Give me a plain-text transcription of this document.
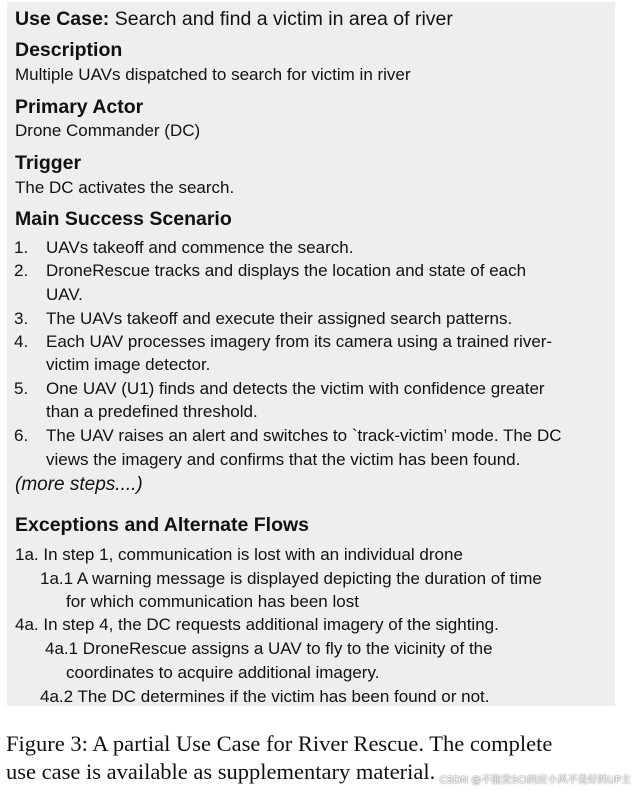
Use Case: Search and find a victim in area of river
Description
Multiple UAVs dispatched to search for victim in river
Primary Actor
Drone Commander (DC)
Trigger
The DC activates the search.
Main Success Scenario
1. UAVs takeoff and commence the search.
2. DroneRescue tracks and displays the location and state of each
UAV.
3. The UAVs takeoff and execute their assigned search patterns.
4. Each UAV processes imagery from its camera using a trained river-
victim image detector.
5. One UAV (U1) finds and detects the victim with confidence greater
than a predefined threshold.
6. The UAV raises an alert and switches to `track-victim’ mode. The DC
views the imagery and confirms that the victim has been found.
(more steps....)
Exceptions and Alternate Flows
1a. In step 1, communication is lost with an individual drone
1a.1 A warning message is displayed depicting the duration of time
for which communication has been lost
4a. In step 4, the DC requests additional imagery of the sighting.
4a.1 DroneRescue assigns a UAV to fly to the vicinity of the
coordinates to acquire additional imagery.
4a.2 The DC determines if the victim has been found or not.
Figure 3: A partial Use Case for River Rescue. The complete
use case is available as supplementary material. CSDN @不能发SCI的应小风不是好的UP主
